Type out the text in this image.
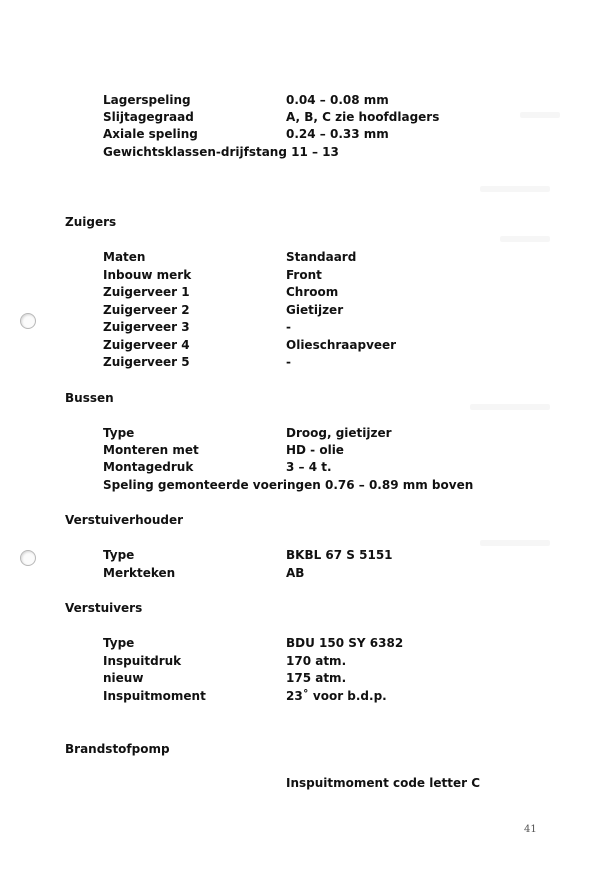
Lagerspeling	0.04 – 0.08 mm
Slijtagegraad	A, B, C zie hoofdlagers
Axiale speling	0.24 – 0.33 mm
Gewichtsklassen-drijfstang 11 – 13
Zuigers
Maten	Standaard
Inbouw merk	Front
Zuigerveer 1	Chroom
Zuigerveer 2	Gietijzer
Zuigerveer 3	-
Zuigerveer 4	Olieschraapveer
Zuigerveer 5	-
Bussen
Type	Droog, gietijzer
Monteren met	HD - olie
Montagedruk	3 – 4 t.
Speling gemonteerde voeringen 0.76 – 0.89 mm boven
Verstuiverhouder
Type	BKBL 67 S 5151
Merkteken	AB
Verstuivers
Type	BDU 150 SY 6382
Inspuitdruk	170 atm.
nieuw	175 atm.
Inspuitmoment	23˚ voor b.d.p.
Brandstofpomp
Inspuitmoment code letter C
41
